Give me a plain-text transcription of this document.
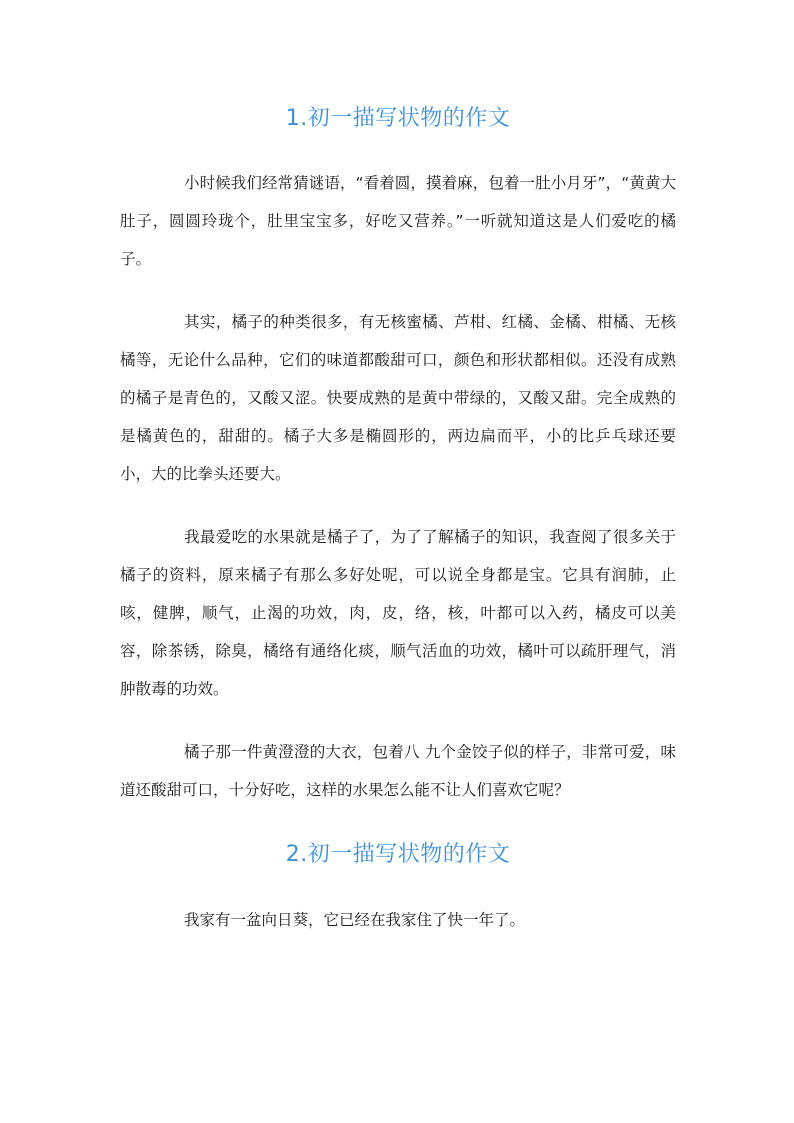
1.初一描写状物的作文

小时候我们经常猜谜语，“看着圆，摸着麻，包着一肚小月牙”，“黄黄大肚子，圆圆玲珑个，肚里宝宝多，好吃又营养。”一听就知道这是人们爱吃的橘子。

其实，橘子的种类很多，有无核蜜橘、芦柑、红橘、金橘、柑橘、无核橘等，无论什么品种，它们的味道都酸甜可口，颜色和形状都相似。还没有成熟的橘子是青色的，又酸又涩。快要成熟的是黄中带绿的，又酸又甜。完全成熟的是橘黄色的，甜甜的。橘子大多是椭圆形的，两边扁而平，小的比乒乓球还要小，大的比拳头还要大。

我最爱吃的水果就是橘子了，为了了解橘子的知识，我查阅了很多关于橘子的资料，原来橘子有那么多好处呢，可以说全身都是宝。它具有润肺，止咳，健脾，顺气，止渴的功效，肉，皮，络，核，叶都可以入药，橘皮可以美容，除茶锈，除臭，橘络有通络化痰，顺气活血的功效，橘叶可以疏肝理气，消肿散毒的功效。

橘子那一件黄澄澄的大衣，包着八 九个金饺子似的样子，非常可爱，味道还酸甜可口，十分好吃，这样的水果怎么能不让人们喜欢它呢？

2.初一描写状物的作文

我家有一盆向日葵，它已经在我家住了快一年了。
